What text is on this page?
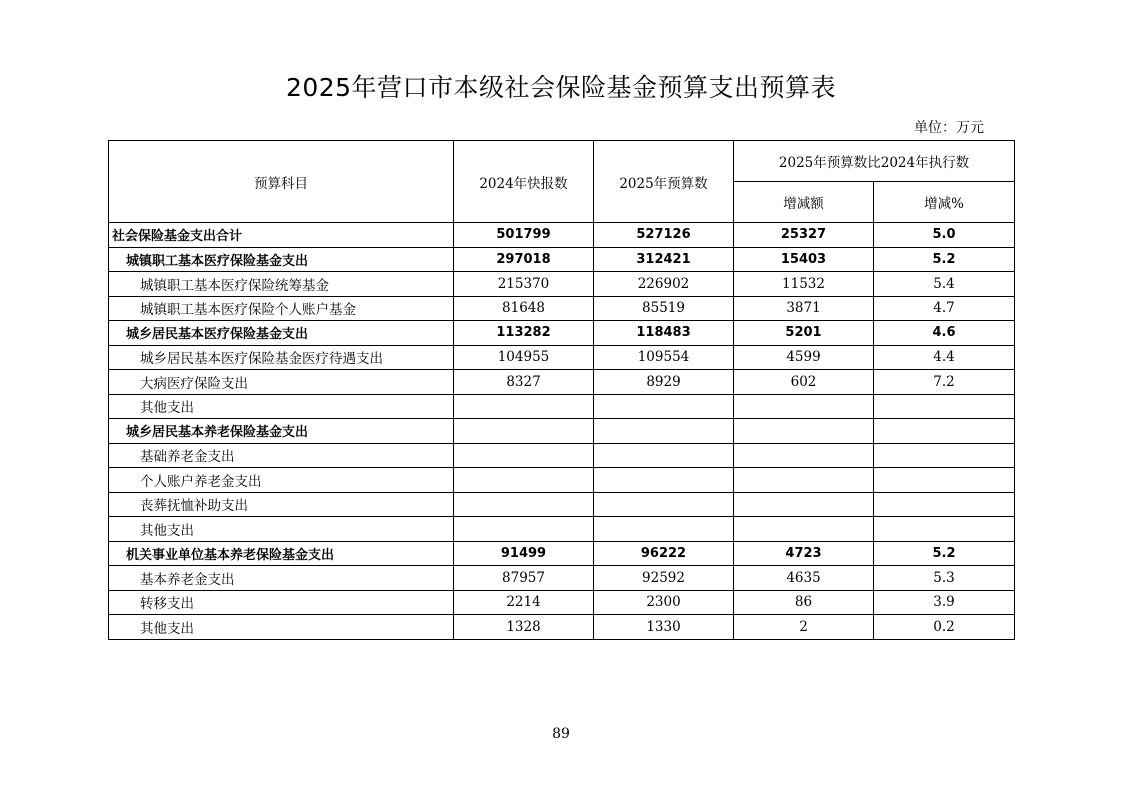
2025年营口市本级社会保险基金预算支出预算表
单位：万元
预算科目	2024年快报数	2025年预算数	2025年预算数比2024年执行数	
			增减额	增减%
社会保险基金支出合计	501799	527126	25327	5.0
城镇职工基本医疗保险基金支出	297018	312421	15403	5.2
城镇职工基本医疗保险统筹基金	215370	226902	11532	5.4
城镇职工基本医疗保险个人账户基金	81648	85519	3871	4.7
城乡居民基本医疗保险基金支出	113282	118483	5201	4.6
城乡居民基本医疗保险基金医疗待遇支出	104955	109554	4599	4.4
大病医疗保险支出	8327	8929	602	7.2
其他支出				
城乡居民基本养老保险基金支出				
基础养老金支出				
个人账户养老金支出				
丧葬抚恤补助支出				
其他支出				
机关事业单位基本养老保险基金支出	91499	96222	4723	5.2
基本养老金支出	87957	92592	4635	5.3
转移支出	2214	2300	86	3.9
其他支出	1328	1330	2	0.2
89
